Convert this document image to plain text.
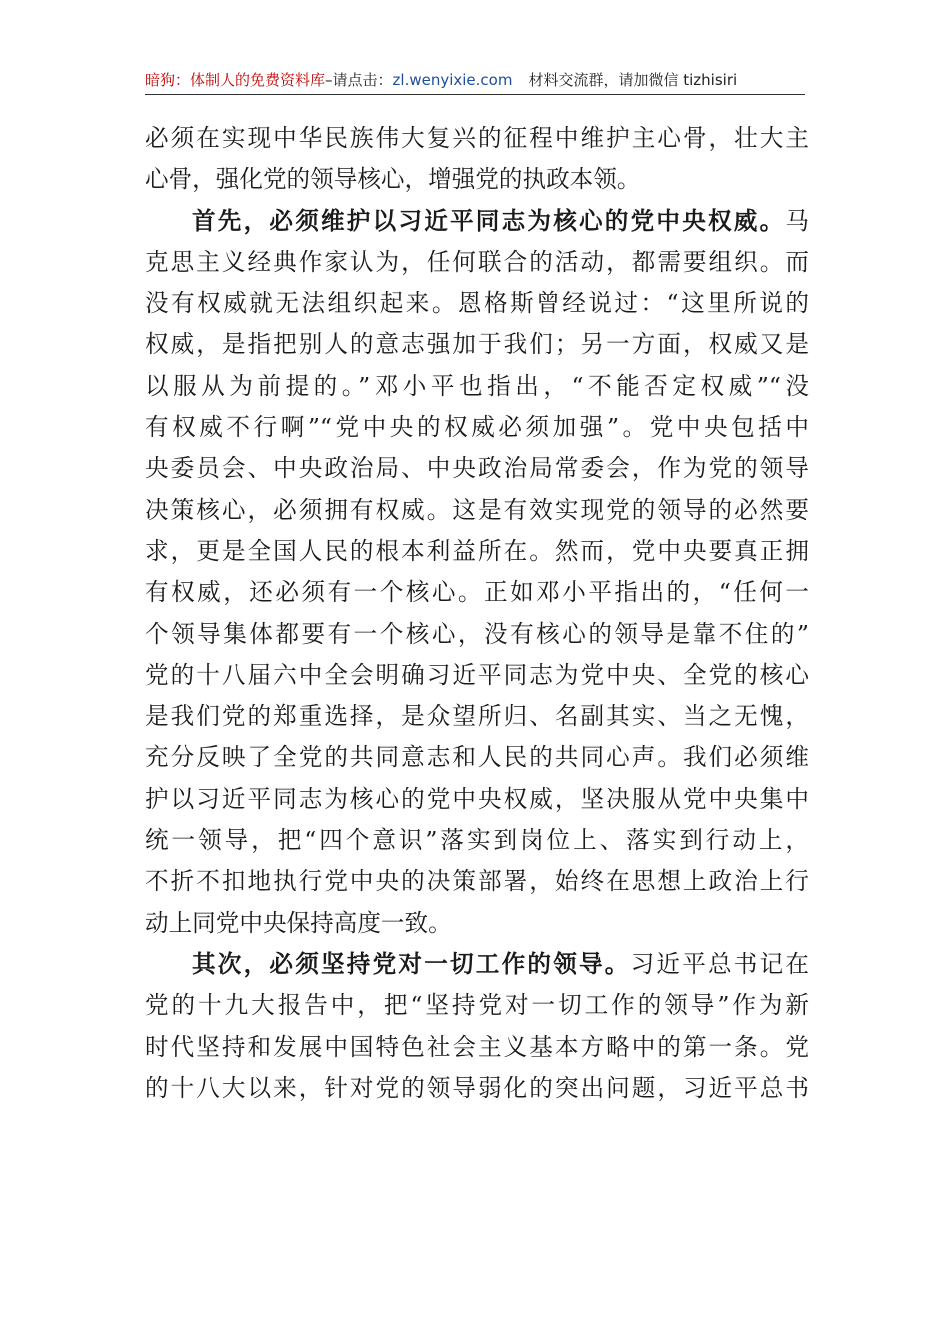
暗狗：体制人的免费资料库–请点击：zl.wenyixie.com 材料交流群，请加微信 tizhisiri
必须在实现中华民族伟大复兴的征程中维护主心骨，壮大主
心骨，强化党的领导核心，增强党的执政本领。
首先，必须维护以习近平同志为核心的党中央权威。马
克思主义经典作家认为，任何联合的活动，都需要组织。而
没有权威就无法组织起来。恩格斯曾经说过：“这里所说的
权威，是指把别人的意志强加于我们；另一方面，权威又是
以服从为前提的。”邓小平也指出，“不能否定权威”“没
有权威不行啊”“党中央的权威必须加强”。党中央包括中
央委员会、中央政治局、中央政治局常委会，作为党的领导
决策核心，必须拥有权威。这是有效实现党的领导的必然要
求，更是全国人民的根本利益所在。然而，党中央要真正拥
有权威，还必须有一个核心。正如邓小平指出的，“任何一
个领导集体都要有一个核心，没有核心的领导是靠不住的”
党的十八届六中全会明确习近平同志为党中央、全党的核心
是我们党的郑重选择，是众望所归、名副其实、当之无愧，
充分反映了全党的共同意志和人民的共同心声。我们必须维
护以习近平同志为核心的党中央权威，坚决服从党中央集中
统一领导，把“四个意识”落实到岗位上、落实到行动上，
不折不扣地执行党中央的决策部署，始终在思想上政治上行
动上同党中央保持高度一致。
其次，必须坚持党对一切工作的领导。习近平总书记在
党的十九大报告中，把“坚持党对一切工作的领导”作为新
时代坚持和发展中国特色社会主义基本方略中的第一条。党
的十八大以来，针对党的领导弱化的突出问题，习近平总书
